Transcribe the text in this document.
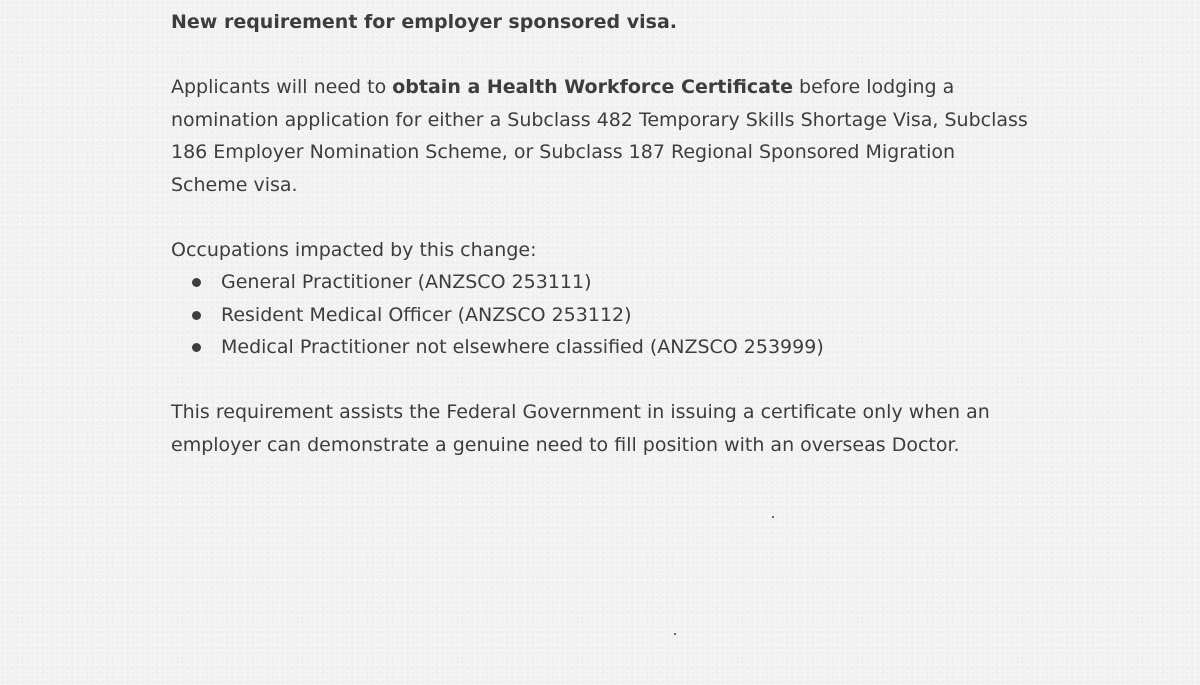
New requirement for employer sponsored visa.

Applicants will need to obtain a Health Workforce Certificate before lodging a nomination application for either a Subclass 482 Temporary Skills Shortage Visa, Subclass 186 Employer Nomination Scheme, or Subclass 187 Regional Sponsored Migration Scheme visa.

Occupations impacted by this change:

General Practitioner (ANZSCO 253111)
Resident Medical Officer (ANZSCO 253112)
Medical Practitioner not elsewhere classified (ANZSCO 253999)

This requirement assists the Federal Government in issuing a certificate only when an employer can demonstrate a genuine need to fill position with an overseas Doctor.
